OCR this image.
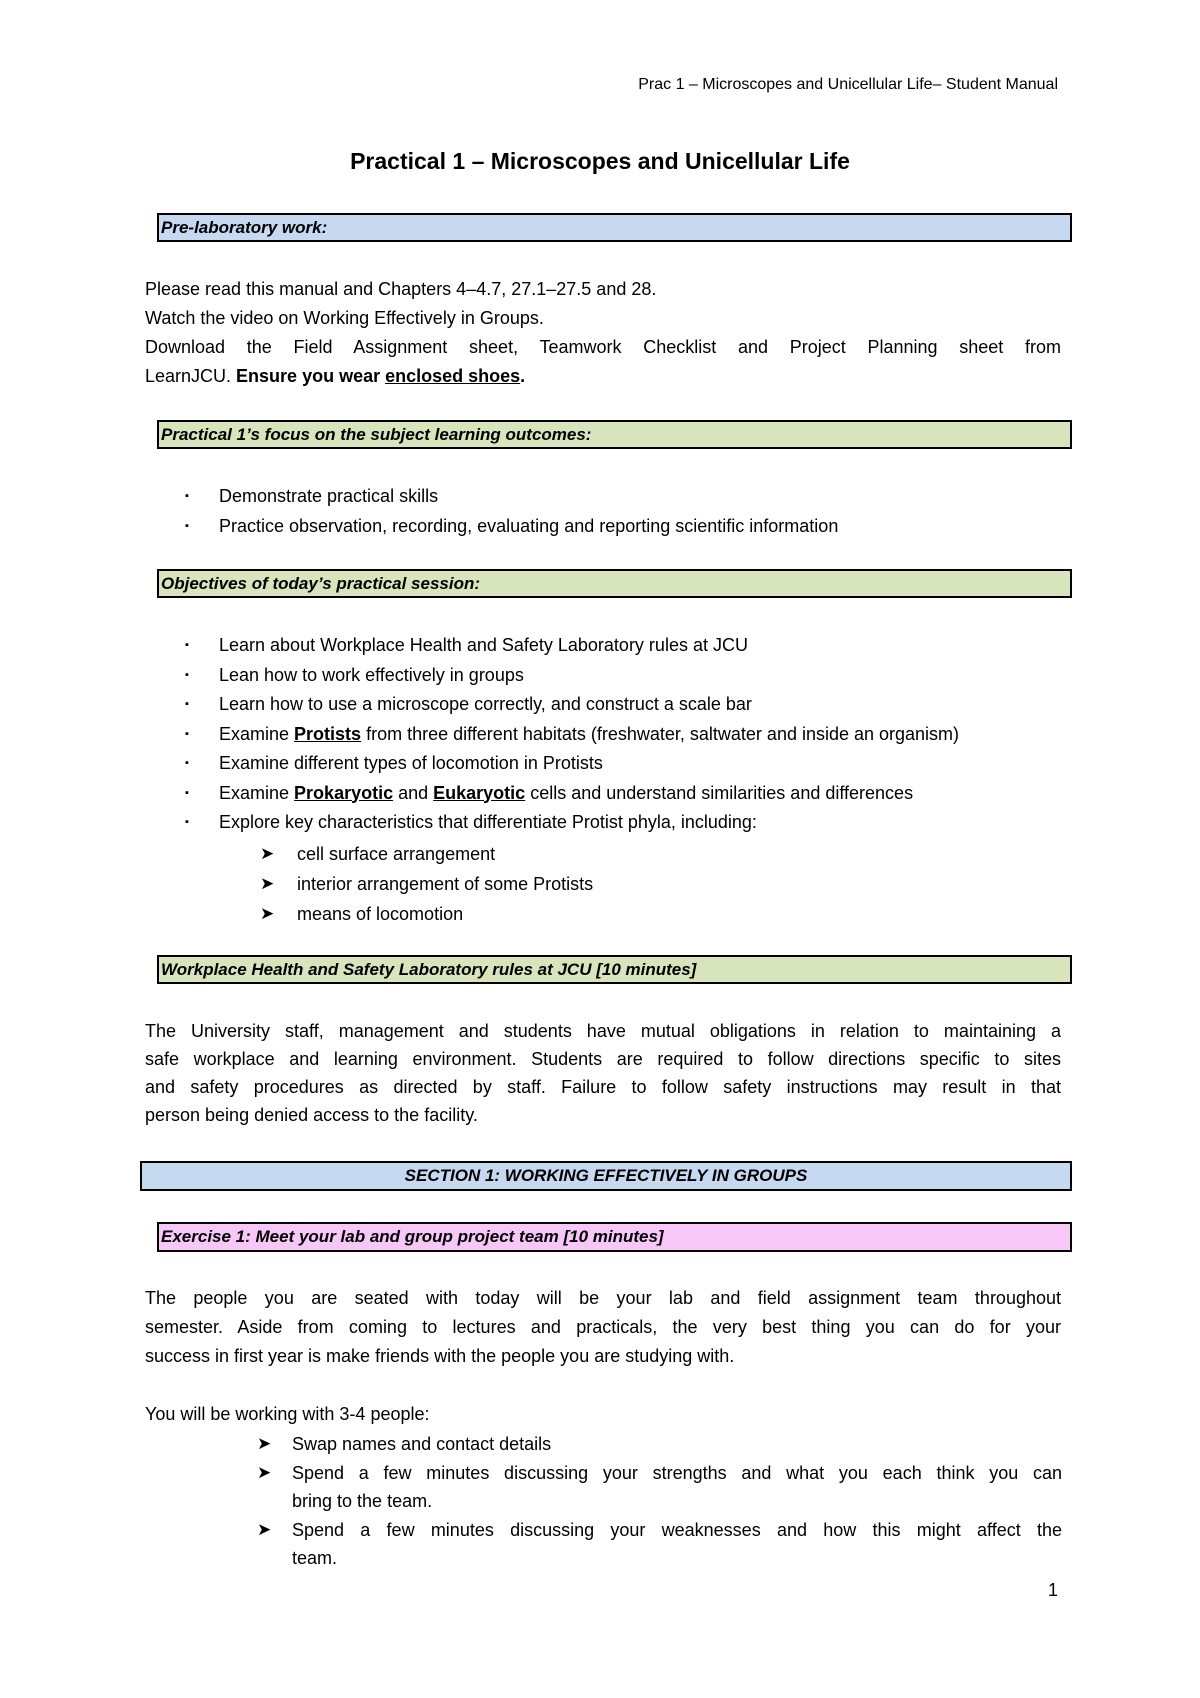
Prac 1 – Microscopes and Unicellular Life– Student Manual
Practical 1 – Microscopes and Unicellular Life
Pre-laboratory work:
Please read this manual and Chapters 4–4.7, 27.1–27.5 and 28.
Watch the video on Working Effectively in Groups.
Download the Field Assignment sheet, Teamwork Checklist and Project Planning sheet from
LearnJCU. Ensure you wear enclosed shoes.
Practical 1’s focus on the subject learning outcomes:
▪ Demonstrate practical skills
▪ Practice observation, recording, evaluating and reporting scientific information
Objectives of today’s practical session:
▪ Learn about Workplace Health and Safety Laboratory rules at JCU
▪ Lean how to work effectively in groups
▪ Learn how to use a microscope correctly, and construct a scale bar
▪ Examine Protists from three different habitats (freshwater, saltwater and inside an organism)
▪ Examine different types of locomotion in Protists
▪ Examine Prokaryotic and Eukaryotic cells and understand similarities and differences
▪ Explore key characteristics that differentiate Protist phyla, including:
➤ cell surface arrangement
➤ interior arrangement of some Protists
➤ means of locomotion
Workplace Health and Safety Laboratory rules at JCU [10 minutes]
The University staff, management and students have mutual obligations in relation to maintaining a
safe workplace and learning environment. Students are required to follow directions specific to sites
and safety procedures as directed by staff. Failure to follow safety instructions may result in that
person being denied access to the facility.
SECTION 1: WORKING EFFECTIVELY IN GROUPS
Exercise 1: Meet your lab and group project team [10 minutes]
The people you are seated with today will be your lab and field assignment team throughout
semester. Aside from coming to lectures and practicals, the very best thing you can do for your
success in first year is make friends with the people you are studying with.
You will be working with 3-4 people:
➤ Swap names and contact details
➤ Spend a few minutes discussing your strengths and what you each think you can
bring to the team.
➤ Spend a few minutes discussing your weaknesses and how this might affect the
team.
1
